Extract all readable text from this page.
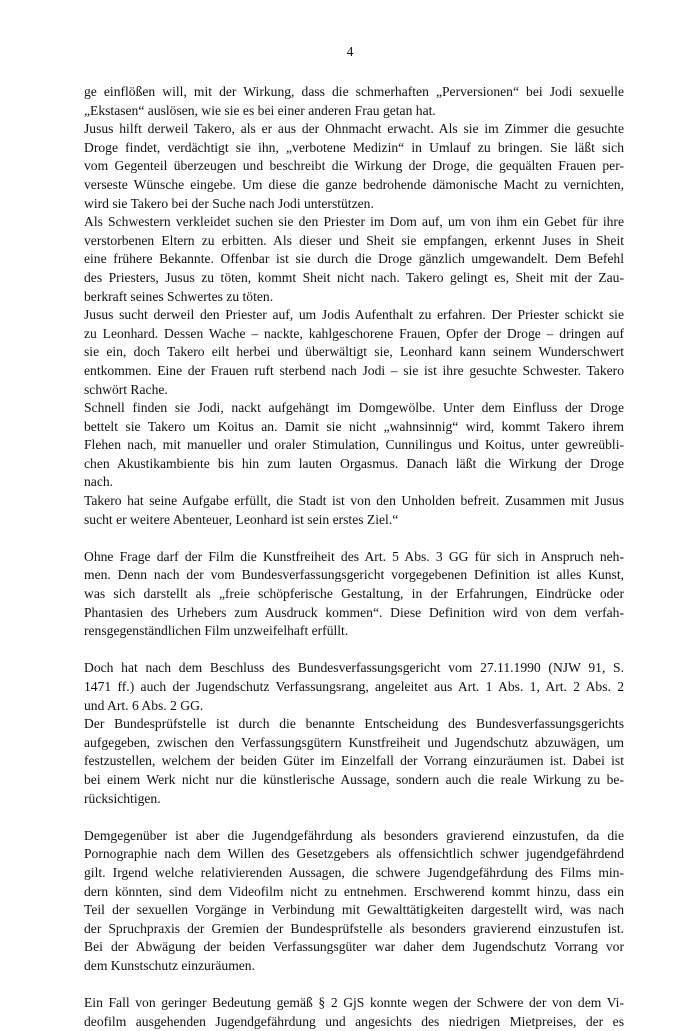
4
ge einflößen will, mit der Wirkung, dass die schmerhaften „Perversionen“ bei Jodi sexuelle
„Ekstasen“ auslösen, wie sie es bei einer anderen Frau getan hat.
Jusus hilft derweil Takero, als er aus der Ohnmacht erwacht. Als sie im Zimmer die gesuchte
Droge findet, verdächtigt sie ihn, „verbotene Medizin“ in Umlauf zu bringen. Sie läßt sich
vom Gegenteil überzeugen und beschreibt die Wirkung der Droge, die gequälten Frauen per-
verseste Wünsche eingebe. Um diese die ganze bedrohende dämonische Macht zu vernichten,
wird sie Takero bei der Suche nach Jodi unterstützen.
Als Schwestern verkleidet suchen sie den Priester im Dom auf, um von ihm ein Gebet für ihre
verstorbenen Eltern zu erbitten. Als dieser und Sheit sie empfangen, erkennt Juses in Sheit
eine frühere Bekannte. Offenbar ist sie durch die Droge gänzlich umgewandelt. Dem Befehl
des Priesters, Jusus zu töten, kommt Sheit nicht nach. Takero gelingt es, Sheit mit der Zau-
berkraft seines Schwertes zu töten.
Jusus sucht derweil den Priester auf, um Jodis Aufenthalt zu erfahren. Der Priester schickt sie
zu Leonhard. Dessen Wache – nackte, kahlgeschorene Frauen, Opfer der Droge – dringen auf
sie ein, doch Takero eilt herbei und überwältigt sie, Leonhard kann seinem Wunderschwert
entkommen. Eine der Frauen ruft sterbend nach Jodi – sie ist ihre gesuchte Schwester. Takero
schwört Rache.
Schnell finden sie Jodi, nackt aufgehängt im Domgewölbe. Unter dem Einfluss der Droge
bettelt sie Takero um Koitus an. Damit sie nicht „wahnsinnig“ wird, kommt Takero ihrem
Flehen nach, mit manueller und oraler Stimulation, Cunnilingus und Koitus, unter gewreübli-
chen Akustikambiente bis hin zum lauten Orgasmus. Danach läßt die Wirkung der Droge
nach.
Takero hat seine Aufgabe erfüllt, die Stadt ist von den Unholden befreit. Zusammen mit Jusus
sucht er weitere Abenteuer, Leonhard ist sein erstes Ziel.“
Ohne Frage darf der Film die Kunstfreiheit des Art. 5 Abs. 3 GG für sich in Anspruch neh-
men. Denn nach der vom Bundesverfassungsgericht vorgegebenen Definition ist alles Kunst,
was sich darstellt als „freie schöpferische Gestaltung, in der Erfahrungen, Eindrücke oder
Phantasien des Urhebers zum Ausdruck kommen“. Diese Definition wird von dem verfah-
rensgegenständlichen Film unzweifelhaft erfüllt.
Doch hat nach dem Beschluss des Bundesverfassungsgericht vom 27.11.1990 (NJW 91, S.
1471 ff.) auch der Jugendschutz Verfassungsrang, angeleitet aus Art. 1 Abs. 1, Art. 2 Abs. 2
und Art. 6 Abs. 2 GG.
Der Bundesprüfstelle ist durch die benannte Entscheidung des Bundesverfassungsgerichts
aufgegeben, zwischen den Verfassungsgütern Kunstfreiheit und Jugendschutz abzuwägen, um
festzustellen, welchem der beiden Güter im Einzelfall der Vorrang einzuräumen ist. Dabei ist
bei einem Werk nicht nur die künstlerische Aussage, sondern auch die reale Wirkung zu be-
rücksichtigen.
Demgegenüber ist aber die Jugendgefährdung als besonders gravierend einzustufen, da die
Pornographie nach dem Willen des Gesetzgebers als offensichtlich schwer jugendgefährdend
gilt. Irgend welche relativierenden Aussagen, die schwere Jugendgefährdung des Films min-
dern könnten, sind dem Videofilm nicht zu entnehmen. Erschwerend kommt hinzu, dass ein
Teil der sexuellen Vorgänge in Verbindung mit Gewalttätigkeiten dargestellt wird, was nach
der Spruchpraxis der Gremien der Bundesprüfstelle als besonders gravierend einzustufen ist.
Bei der Abwägung der beiden Verfassungsgüter war daher dem Jugendschutz Vorrang vor
dem Kunstschutz einzuräumen.
Ein Fall von geringer Bedeutung gemäß § 2 GjS konnte wegen der Schwere der von dem Vi-
deofilm ausgehenden Jugendgefährdung und angesichts des niedrigen Mietpreises, der es
